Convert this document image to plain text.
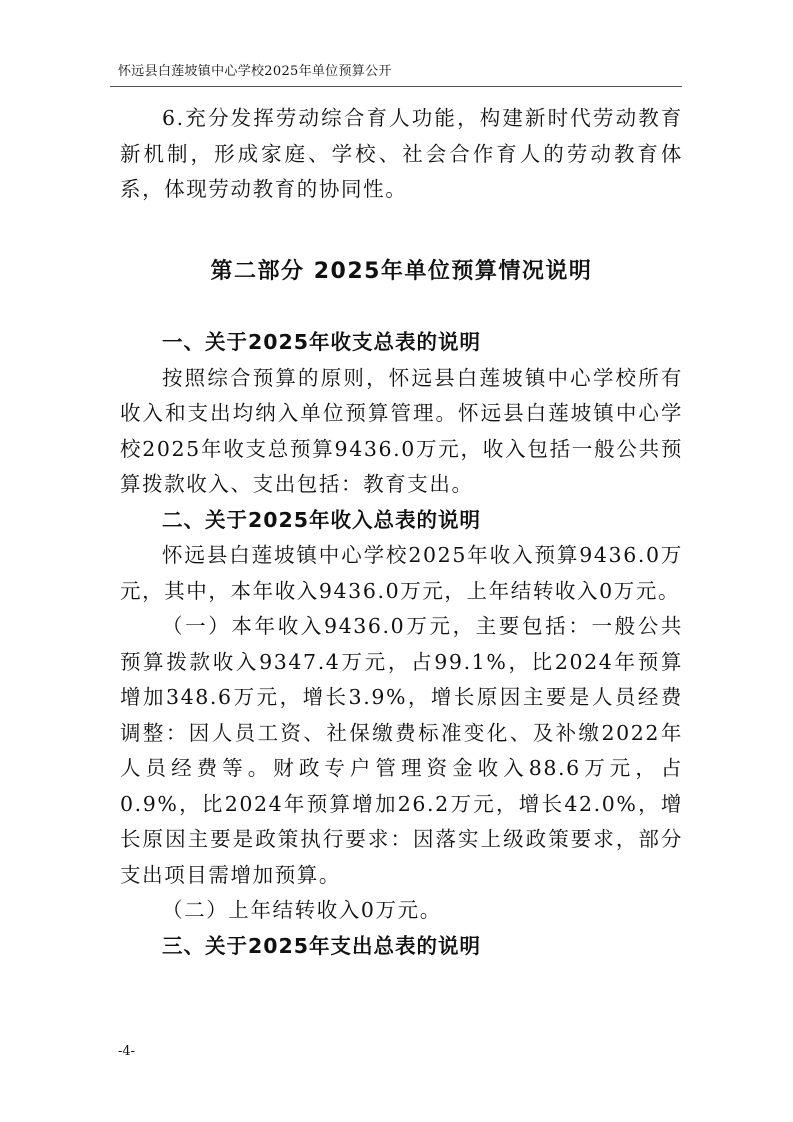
怀远县白莲坡镇中心学校2025年单位预算公开

6.充分发挥劳动综合育人功能，构建新时代劳动教育新机制，形成家庭、学校、社会合作育人的劳动教育体系，体现劳动教育的协同性。

第二部分 2025年单位预算情况说明

一、关于2025年收支总表的说明

按照综合预算的原则，怀远县白莲坡镇中心学校所有收入和支出均纳入单位预算管理。怀远县白莲坡镇中心学校2025年收支总预算9436.0万元，收入包括一般公共预算拨款收入、支出包括：教育支出。

二、关于2025年收入总表的说明

怀远县白莲坡镇中心学校2025年收入预算9436.0万元，其中，本年收入9436.0万元，上年结转收入0万元。

（一）本年收入9436.0万元，主要包括：一般公共预算拨款收入9347.4万元，占99.1%，比2024年预算增加348.6万元，增长3.9%，增长原因主要是人员经费调整：因人员工资、社保缴费标准变化、及补缴2022年人员经费等。财政专户管理资金收入88.6万元，占0.9%，比2024年预算增加26.2万元，增长42.0%，增长原因主要是政策执行要求：因落实上级政策要求，部分支出项目需增加预算。

（二）上年结转收入0万元。

三、关于2025年支出总表的说明

-4-
